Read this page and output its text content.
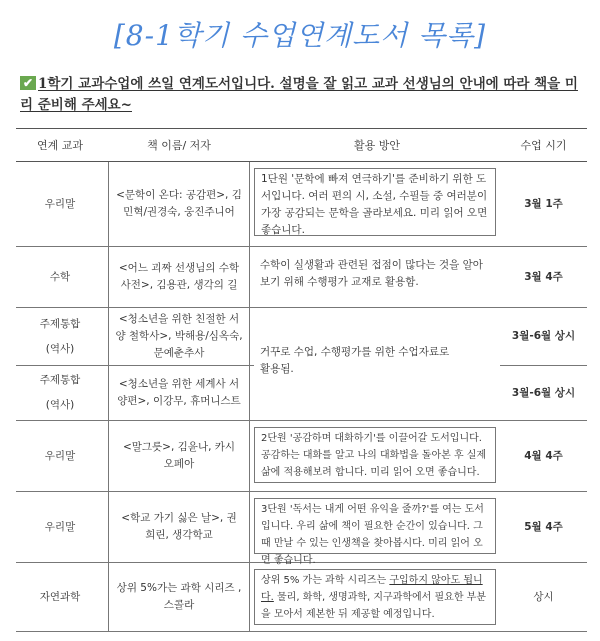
[8-1학기 수업연계도서 목록]
✔ 1학기 교과수업에 쓰일 연계도서입니다. 설명을 잘 읽고 교과 선생님의 안내에 따라 책을 미리 준비해 주세요~
연계 교과	책 이름/ 저자	활용 방안	수업 시기
우리말	<문학이 온다: 공감편>, 김민혁/권경숙, 웅진주니어	1단원 '문학에 빠져 연극하기'를 준비하기 위한 도서입니다. 여러 편의 시, 소설, 수필들 중 여러분이 가장 공감되는 문학을 골라보세요. 미리 읽어 오면 좋습니다.	3월 1주
수학	<어느 괴짜 선생님의 수학 사전>, 김용관, 생각의 길	수학이 실생활과 관련된 접점이 많다는 것을 알아보기 위해 수행평가 교재로 활용함.	3월 4주

주제통합
(역사)	<청소년을 위한 친절한 서양 철학사>, 박해용/심옥숙, 문예춘추사	거꾸로 수업, 수행평가를 위한 수업자료로 활용됨.	3월-6월 상시

주제통합
(역사)	<청소년을 위한 세계사 서양편>, 이강무, 휴머니스트		3월-6월 상시
우리말	<말그릇>, 김윤나, 카시오페아	2단원 '공감하며 대화하기'를 이끌어갈 도서입니다. 공감하는 대화를 알고 나의 대화법을 돌아본 후 실제 삶에 적용해보려 합니다. 미리 읽어 오면 좋습니다.	4월 4주
우리말	<학교 가기 싫은 날>, 권희린, 생각학교	3단원 '독서는 내게 어떤 유익을 줄까?'를 여는 도서입니다. 우리 삶에 책이 필요한 순간이 있습니다. 그 때 만날 수 있는 인생책을 찾아봅시다. 미리 읽어 오면 좋습니다.	5월 4주
자연과학	상위 5%가는 과학 시리즈 , 스콜라	상위 5% 가는 과학 시리즈는 구입하지 않아도 됩니다. 물리, 화학, 생명과학, 지구과학에서 필요한 부분을 모아서 제본한 뒤 제공할 예정입니다.	상시
